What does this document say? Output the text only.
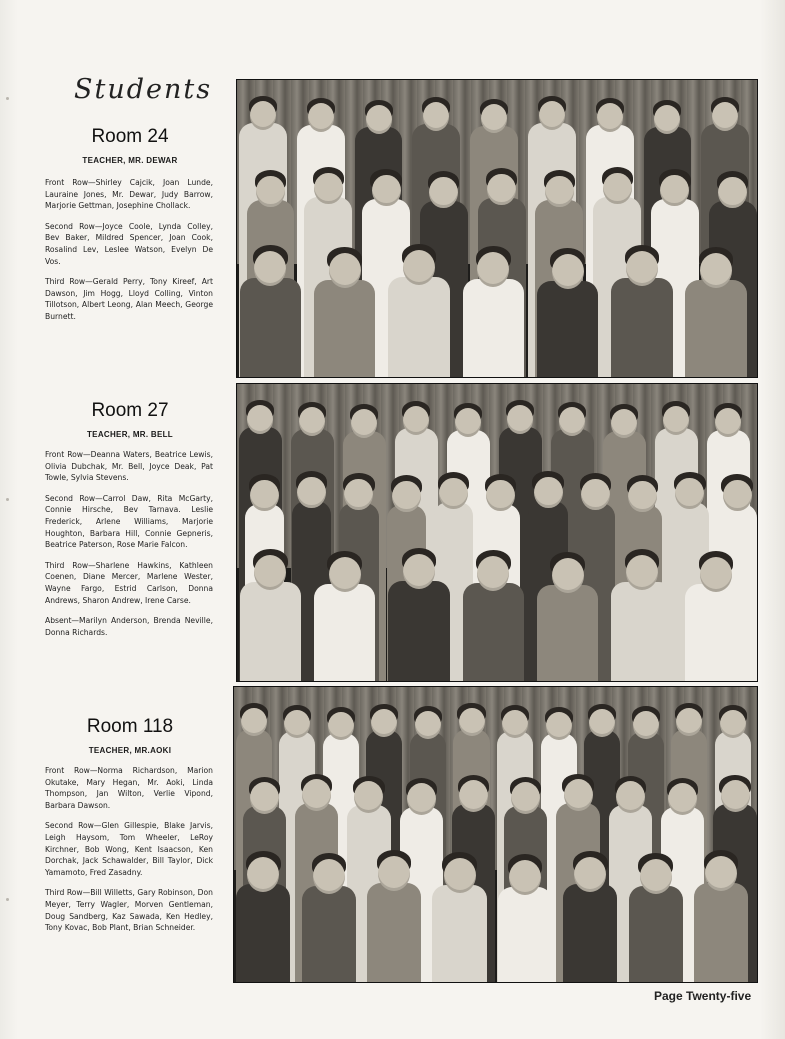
Students
Room 24
TEACHER, MR. DEWAR

Front Row—Shirley Cajcik, Joan Lunde, Lauraine Jones, Mr. Dewar, Judy Barrow, Marjorie Gettman, Josephine Chollack.

Second Row—Joyce Coole, Lynda Colley, Bev Baker, Mildred Spencer, Joan Cook, Rosalind Lev, Leslee Watson, Evelyn De Vos.

Third Row—Gerald Perry, Tony Kireef, Art Dawson, Jim Hogg, Lloyd Colling, Vinton Tillotson, Albert Leong, Alan Meech, George Burnett.

Room 27
TEACHER, MR. BELL

Front Row—Deanna Waters, Beatrice Lewis, Olivia Dubchak, Mr. Bell, Joyce Deak, Pat Towle, Sylvia Stevens.

Second Row—Carrol Daw, Rita McGarty, Connie Hirsche, Bev Tarnava. Leslie Frederick, Arlene Williams, Marjorie Houghton, Barbara Hill, Connie Gepneris, Beatrice Paterson, Rose Marie Falcon.

Third Row—Sharlene Hawkins, Kathleen Coenen, Diane Mercer, Marlene Wester, Wayne Fargo, Estrid Carlson, Donna Andrews, Sharon Andrew, Irene Carse.

Absent—Marilyn Anderson, Brenda Neville, Donna Richards.

Room 118
TEACHER, MR.AOKI

Front Row—Norma Richardson, Marion Okutake, Mary Hegan, Mr. Aoki, Linda Thompson, Jan Wilton, Verlie Vipond, Barbara Dawson.

Second Row—Glen Gillespie, Blake Jarvis, Leigh Haysom, Tom Wheeler, LeRoy Kirchner, Bob Wong, Kent Isaacson, Ken Dorchak, Jack Schawalder, Bill Taylor, Dick Yamamoto, Fred Zasadny.

Third Row—Bill Willetts, Gary Robinson, Don Meyer, Terry Wagler, Morven Gentleman, Doug Sandberg, Kaz Sawada, Ken Hedley, Tony Kovac, Bob Plant, Brian Schneider.

Page Twenty-five
